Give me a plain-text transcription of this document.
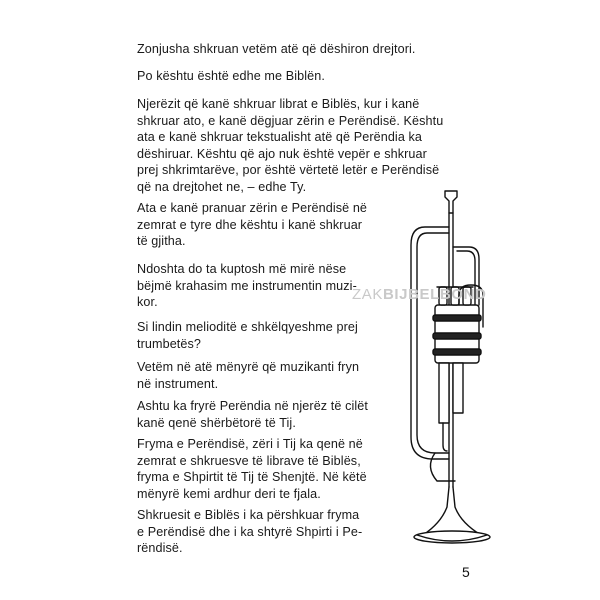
Zonjusha shkruan vetëm atë që dëshiron drejtori.

Po kështu është edhe me Biblën.

Njerëzit që kanë shkruar librat e Biblës, kur i kanë
shkruar ato, e kanë dëgjuar zërin e Perëndisë. Kështu
ata e kanë shkruar tekstualisht atë që Perëndia ka
dëshiruar. Kështu që ajo nuk është vepër e shkruar
prej shkrimtarëve, por është vërtetë letër e Perëndisë
që na drejtohet ne, – edhe Ty.

Ata e kanë pranuar zërin e Perëndisë në
zemrat e tyre dhe kështu i kanë shkruar
të gjitha.

Ndoshta do ta kuptosh më mirë nëse
bëjmë krahasim me instrumentin muzi-
kor.

Si lindin melioditë e shkëlqyeshme prej
trumbetës?

Vetëm në atë mënyrë që muzikanti fryn
në instrument.

Ashtu ka fryrë Perëndia në njerëz të cilët
kanë qenë shërbëtorë të Tij.

Fryma e Perëndisë, zëri i Tij ka qenë në
zemrat e shkruesve të librave të Biblës,
fryma e Shpirtit të Tij të Shenjtë. Në këtë
mënyrë kemi ardhur deri te fjala.

Shkruesit e Biblës i ka përshkuar fryma
e Perëndisë dhe i ka shtyrë Shpirti i Pe-
rëndisë.

ZAKBIJBELBOND
5
